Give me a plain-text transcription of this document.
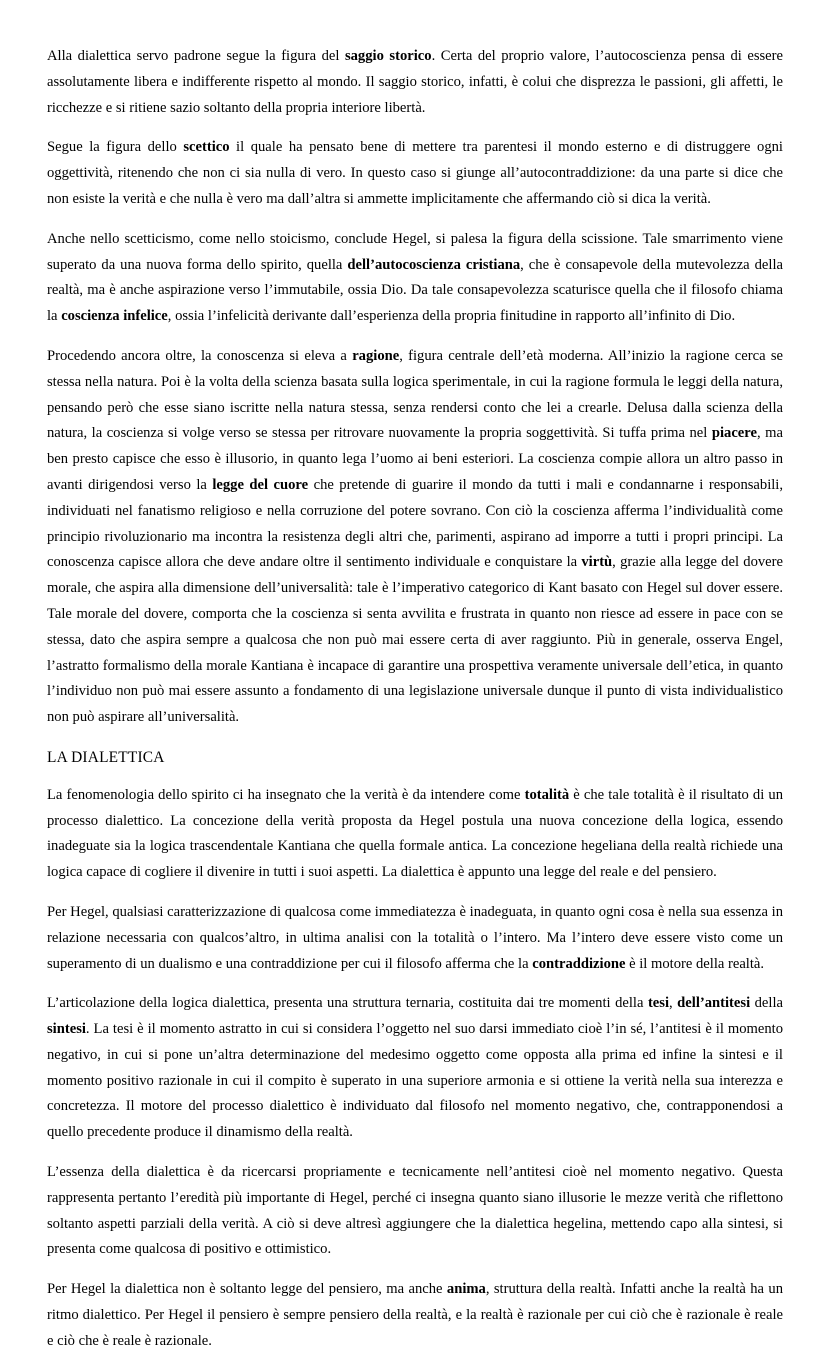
Alla dialettica servo padrone segue la figura del saggio storico. Certa del proprio valore, l’autocoscienza pensa di essere assolutamente libera e indifferente rispetto al mondo. Il saggio storico, infatti, è colui che disprezza le passioni, gli affetti, le ricchezze e si ritiene sazio soltanto della propria interiore libertà.

Segue la figura dello scettico il quale ha pensato bene di mettere tra parentesi il mondo esterno e di distruggere ogni oggettività, ritenendo che non ci sia nulla di vero. In questo caso si giunge all’autocontraddizione: da una parte si dice che non esiste la verità e che nulla è vero ma dall’altra si ammette implicitamente che affermando ciò si dica la verità.

Anche nello scetticismo, come nello stoicismo, conclude Hegel, si palesa la figura della scissione. Tale smarrimento viene superato da una nuova forma dello spirito, quella dell’autocoscienza cristiana, che è consapevole della mutevolezza della realtà, ma è anche aspirazione verso l’immutabile, ossia Dio. Da tale consapevolezza scaturisce quella che il filosofo chiama la coscienza infelice, ossia l’infelicità derivante dall’esperienza della propria finitudine in rapporto all’infinito di Dio.

Procedendo ancora oltre, la conoscenza si eleva a ragione, figura centrale dell’età moderna. All’inizio la ragione cerca se stessa nella natura. Poi è la volta della scienza basata sulla logica sperimentale, in cui la ragione formula le leggi della natura, pensando però che esse siano iscritte nella natura stessa, senza rendersi conto che lei a crearle. Delusa dalla scienza della natura, la coscienza si volge verso se stessa per ritrovare nuovamente la propria soggettività. Si tuffa prima nel piacere, ma ben presto capisce che esso è illusorio, in quanto lega l’uomo ai beni esteriori. La coscienza compie allora un altro passo in avanti dirigendosi verso la legge del cuore che pretende di guarire il mondo da tutti i mali e condannarne i responsabili, individuati nel fanatismo religioso e nella corruzione del potere sovrano. Con ciò la coscienza afferma l’individualità come principio rivoluzionario ma incontra la resistenza degli altri che, parimenti, aspirano ad imporre a tutti i propri principi. La conoscenza capisce allora che deve andare oltre il sentimento individuale e conquistare la virtù, grazie alla legge del dovere morale, che aspira alla dimensione dell’universalità: tale è l’imperativo categorico di Kant basato con Hegel sul dover essere. Tale morale del dovere, comporta che la coscienza si senta avvilita e frustrata in quanto non riesce ad essere in pace con se stessa, dato che aspira sempre a qualcosa che non può mai essere certa di aver raggiunto. Più in generale, osserva Engel, l’astratto formalismo della morale Kantiana è incapace di garantire una prospettiva veramente universale dell’etica, in quanto l’individuo non può mai essere assunto a fondamento di una legislazione universale dunque il punto di vista individualistico non può aspirare all’universalità.

LA DIALETTICA

La fenomenologia dello spirito ci ha insegnato che la verità è da intendere come totalità è che tale totalità è il risultato di un processo dialettico. La concezione della verità proposta da Hegel postula una nuova concezione della logica, essendo inadeguate sia la logica trascendentale Kantiana che quella formale antica. La concezione hegeliana della realtà richiede una logica capace di cogliere il divenire in tutti i suoi aspetti. La dialettica è appunto una legge del reale e del pensiero.

Per Hegel, qualsiasi caratterizzazione di qualcosa come immediatezza è inadeguata, in quanto ogni cosa è nella sua essenza in relazione necessaria con qualcos’altro, in ultima analisi con la totalità o l’intero. Ma l’intero deve essere visto come un superamento di un dualismo e una contraddizione per cui il filosofo afferma che la contraddizione è il motore della realtà.

L’articolazione della logica dialettica, presenta una struttura ternaria, costituita dai tre momenti della tesi, dell’antitesi della sintesi. La tesi è il momento astratto in cui si considera l’oggetto nel suo darsi immediato cioè l’in sé, l’antitesi è il momento negativo, in cui si pone un’altra determinazione del medesimo oggetto come opposta alla prima ed infine la sintesi e il momento positivo razionale in cui il compito è superato in una superiore armonia e si ottiene la verità nella sua interezza e concretezza. Il motore del processo dialettico è individuato dal filosofo nel momento negativo, che, contrapponendosi a quello precedente produce il dinamismo della realtà.

L’essenza della dialettica è da ricercarsi propriamente e tecnicamente nell’antitesi cioè nel momento negativo. Questa rappresenta pertanto l’eredità più importante di Hegel, perché ci insegna quanto siano illusorie le mezze verità che riflettono soltanto aspetti parziali della verità. A ciò si deve altresì aggiungere che la dialettica hegelina, mettendo capo alla sintesi, si presenta come qualcosa di positivo e ottimistico.

Per Hegel la dialettica non è soltanto legge del pensiero, ma anche anima, struttura della realtà. Infatti anche la realtà ha un ritmo dialettico. Per Hegel il pensiero è sempre pensiero della realtà, e la realtà è razionale per cui ciò che è razionale è reale e ciò che è reale è razionale.
